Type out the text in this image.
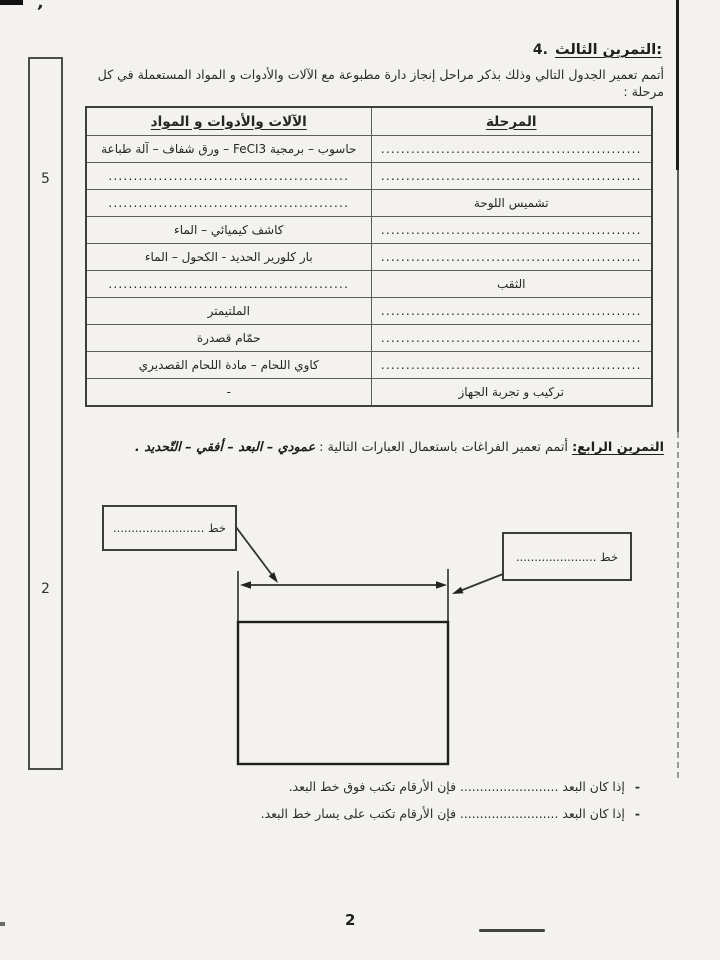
’
5
2
التمرين الثالث:
4.
أتمم تعمير الجدول التالي وذلك بذكر مراحل إنجاز دارة مطبوعة مع الآلات والأدوات و المواد المستعملة في كل
مرحلة :
المرحلة	الآلات والأدوات و المواد
....................................................	حاسوب – برمجية FeCI3 – ورق شفاف – آلة طباعة
....................................................	................................................
تشميس اللوحة	................................................
....................................................	كاشف كيميائي – الماء
....................................................	بار كلورير الحديد - الكحول – الماء
الثقب	................................................
....................................................	الملتيمتر
....................................................	حمّام قصدرة
....................................................	كاوي اللحام – مادة اللحام القصديري
تركيب و تجربة الجهاز	-
التمرين الرابع: أتمم تعمير الفراغات باستعمال العبارات التالية : عمودي – البعد – أفقي – التّحديد .
خط .........................
خط ......................
-
إذا كان البعد ......................... فإن الأرقام تكتب فوق خط البعد.
-
إذا كان البعد ......................... فإن الأرقام تكتب على يسار خط البعد.
2
